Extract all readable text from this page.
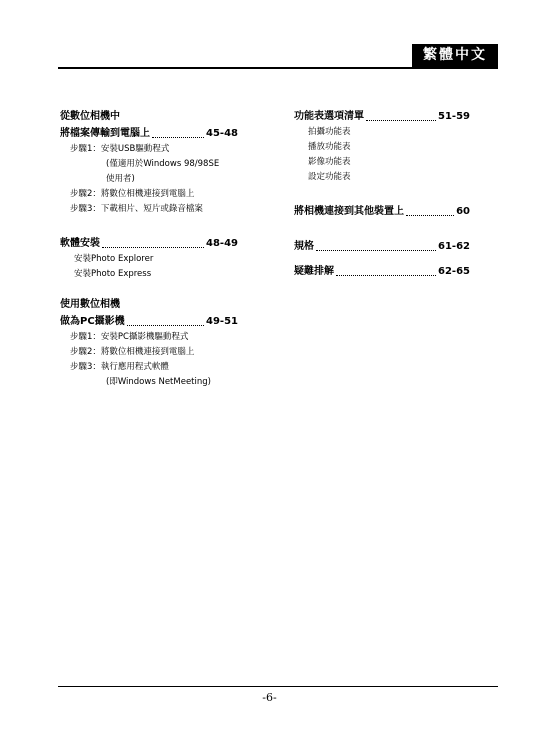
繁體中文
從數位相機中
將檔案傳輸到電腦上	45-48
步驟1：安裝USB驅動程式
(僅適用於Windows 98/98SE
使用者)
步驟2：將數位相機連接到電腦上
步驟3：下載相片、短片或錄音檔案
軟體安裝	48-49
安裝Photo Explorer
安裝Photo Express
使用數位相機
做為PC攝影機	49-51
步驟1：安裝PC攝影機驅動程式
步驟2：將數位相機連接到電腦上
步驟3：執行應用程式軟體
(即Windows NetMeeting)
功能表選項清單	51-59
拍攝功能表
播放功能表
影像功能表
設定功能表
將相機連接到其他裝置上	60
規格	61-62
疑難排解	62-65
-6-
